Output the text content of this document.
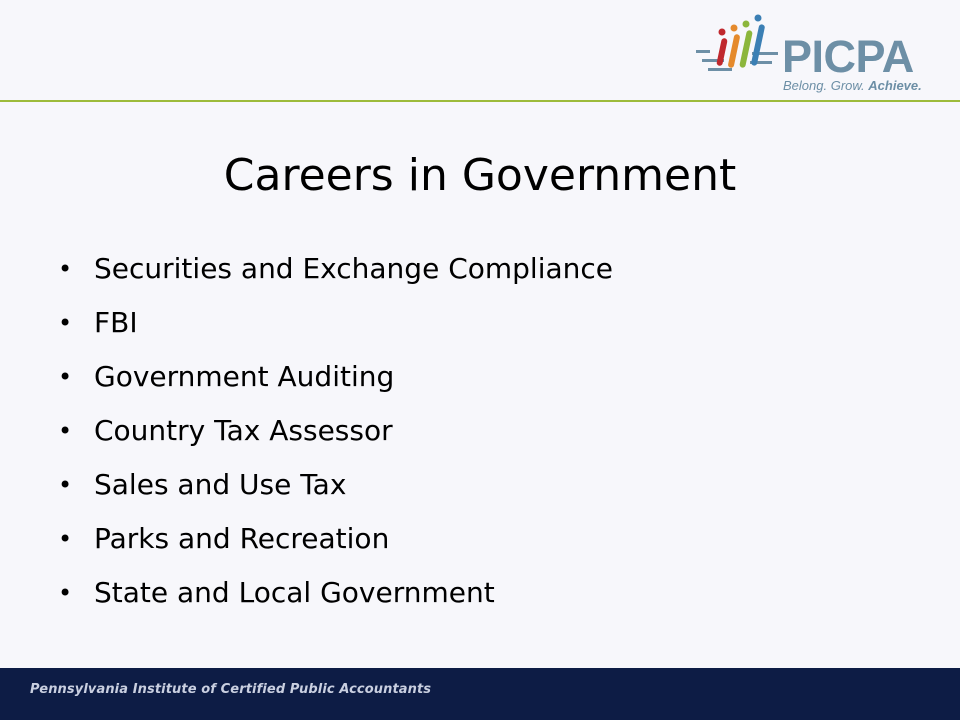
PICPA
Belong. Grow. Achieve.
Careers in Government
• Securities and Exchange Compliance
• FBI
• Government Auditing
• Country Tax Assessor
• Sales and Use Tax
• Parks and Recreation
• State and Local Government
Pennsylvania Institute of Certified Public Accountants
